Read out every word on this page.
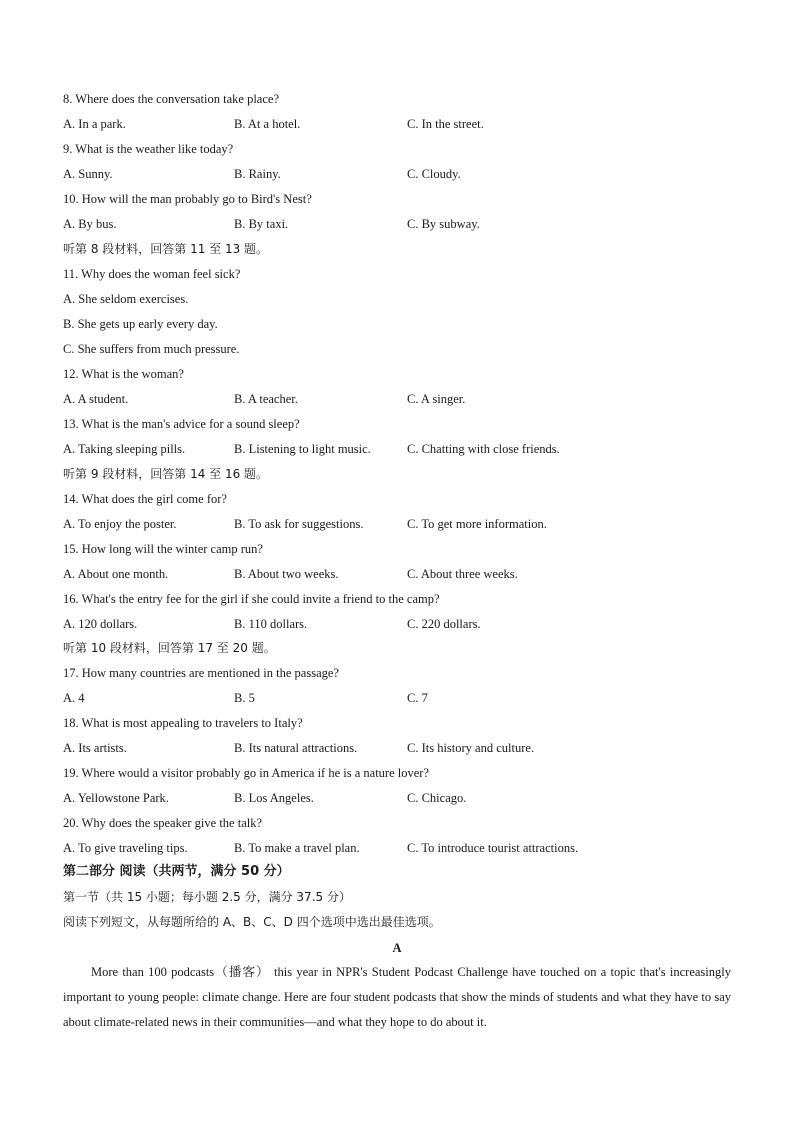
8. Where does the conversation take place?
A. In a park.	B. At a hotel.	C. In the street.
9. What is the weather like today?
A. Sunny.	B. Rainy.	C. Cloudy.
10. How will the man probably go to Bird's Nest?
A. By bus.	B. By taxi.	C. By subway.
听第 8 段材料，回答第 11 至 13 题。
11. Why does the woman feel sick?
A. She seldom exercises.
B. She gets up early every day.
C. She suffers from much pressure.
12. What is the woman?
A. A student.	B. A teacher.	C. A singer.
13. What is the man's advice for a sound sleep?
A. Taking sleeping pills.	B. Listening to light music.	C. Chatting with close friends.
听第 9 段材料，回答第 14 至 16 题。
14. What does the girl come for?
A. To enjoy the poster.	B. To ask for suggestions.	C. To get more information.
15. How long will the winter camp run?
A. About one month.	B. About two weeks.	C. About three weeks.
16. What's the entry fee for the girl if she could invite a friend to the camp?
A. 120 dollars.	B. 110 dollars.	C. 220 dollars.
听第 10 段材料，回答第 17 至 20 题。
17. How many countries are mentioned in the passage?
A. 4	B. 5	C. 7
18. What is most appealing to travelers to Italy?
A. Its artists.	B. Its natural attractions.	C. Its history and culture.
19. Where would a visitor probably go in America if he is a nature lover?
A. Yellowstone Park.	B. Los Angeles.	C. Chicago.
20. Why does the speaker give the talk?
A. To give traveling tips.	B. To make a travel plan.	C. To introduce tourist attractions.
第二部分 阅读（共两节，满分 50 分）
第一节（共 15 小题；每小题 2.5 分，满分 37.5 分）
阅读下列短文，从每题所给的 A、B、C、D 四个选项中选出最佳选项。
A
More than 100 podcasts（播客） this year in NPR's Student Podcast Challenge have touched on a topic that's increasingly important to young people: climate change. Here are four student podcasts that show the minds of students and what they have to say about climate-related news in their communities—and what they hope to do about it.
